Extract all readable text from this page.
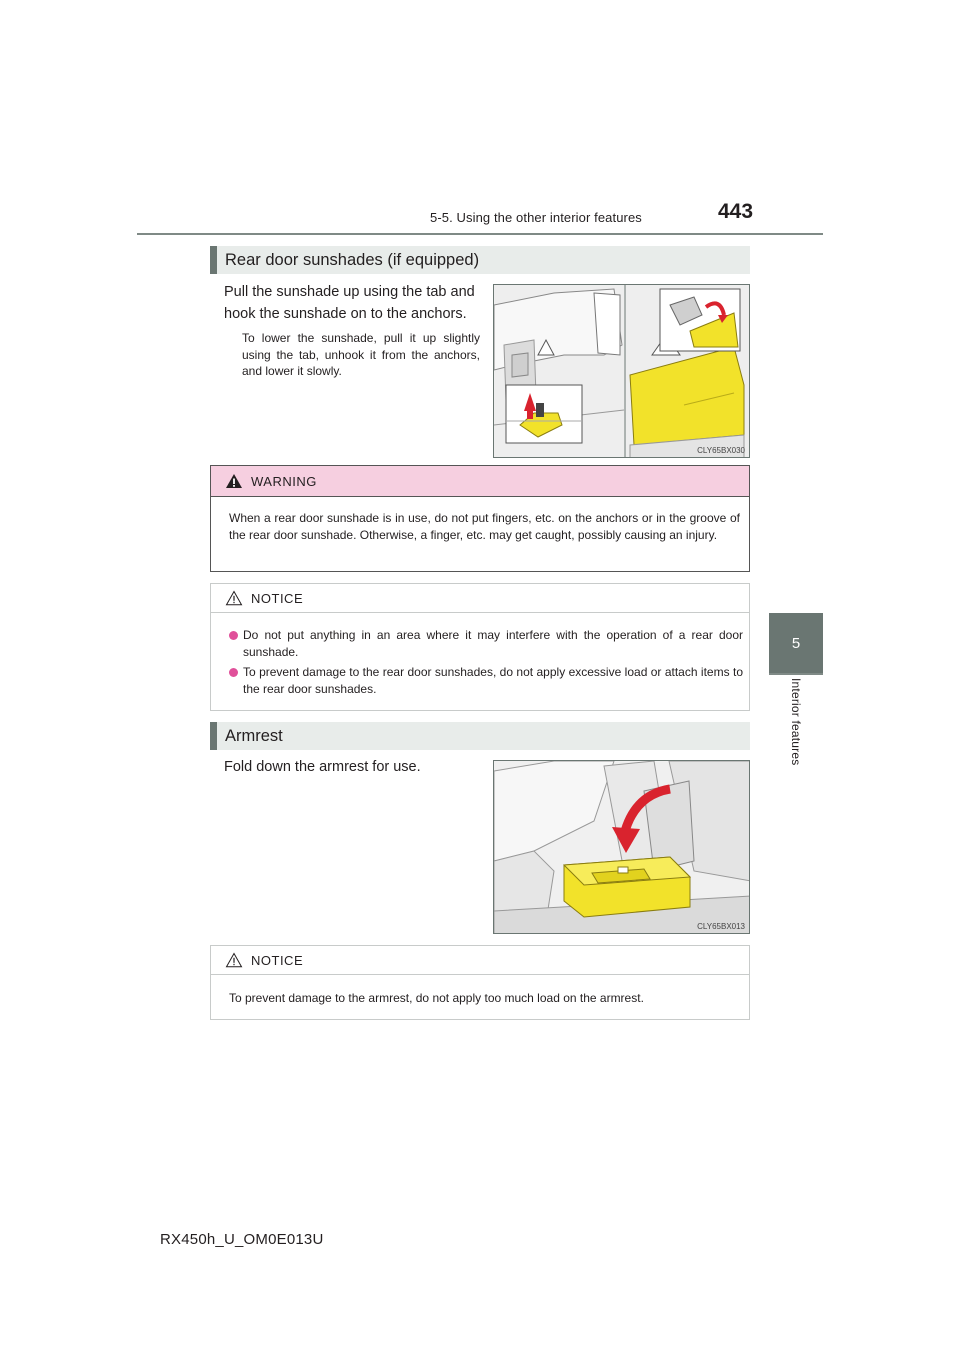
5-5. Using the other interior features	443
5
Interior features
Rear door sunshades (if equipped)
Pull the sunshade up using the tab and hook the sunshade on to the anchors.
To lower the sunshade, pull it up slightly using the tab, unhook it from the anchors, and lower it slowly.
CLY65BX030
WARNING
When a rear door sunshade is in use, do not put fingers, etc. on the anchors or in the groove of the rear door sunshade. Otherwise, a finger, etc. may get caught, possibly causing an injury.
NOTICE
Do not put anything in an area where it may interfere with the operation of a rear door sunshade.
To prevent damage to the rear door sunshades, do not apply excessive load or attach items to the rear door sunshades.
Armrest
Fold down the armrest for use.
CLY65BX013
NOTICE
To prevent damage to the armrest, do not apply too much load on the armrest.
RX450h_U_OM0E013U
